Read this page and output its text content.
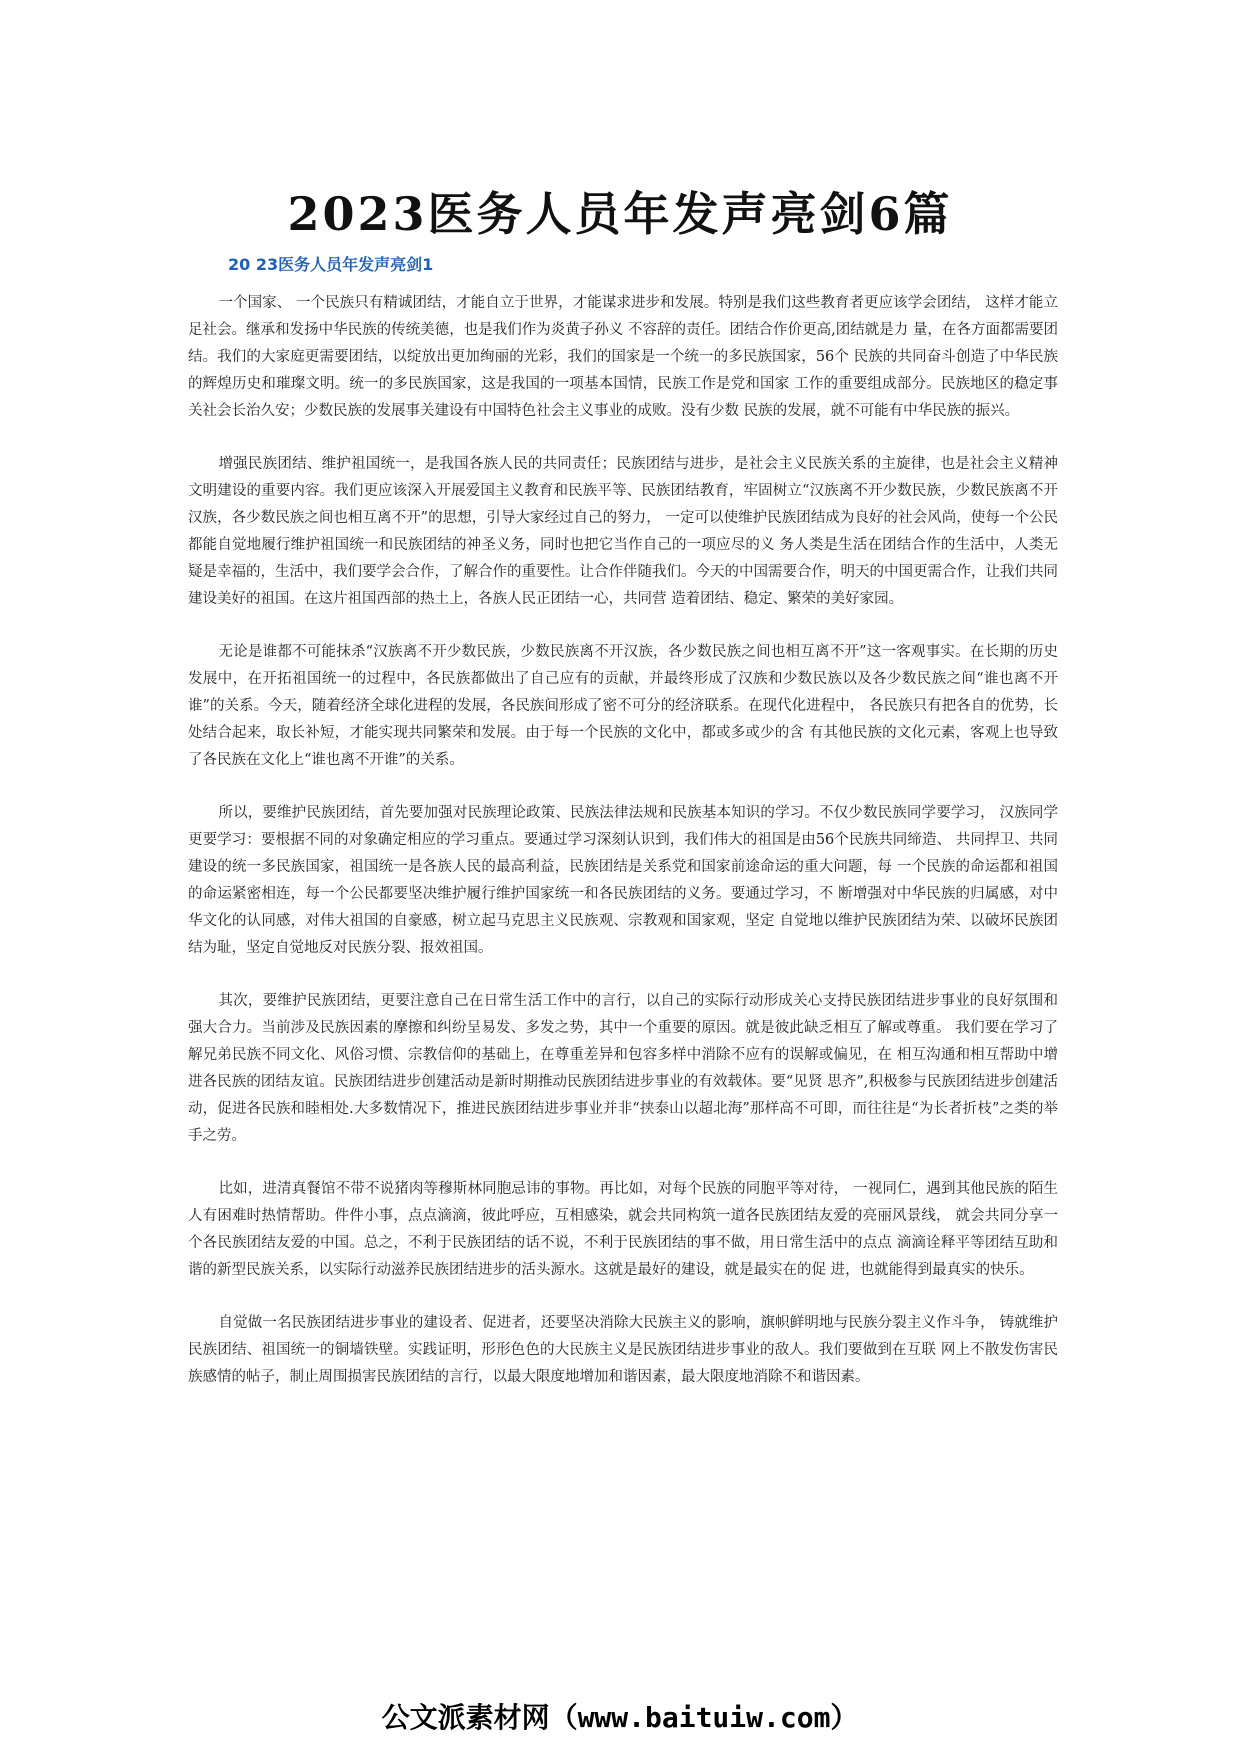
2023医务人员年发声亮剑6篇

20 23医务人员年发声亮剑1

一个国家、 一个民族只有精诚团结，才能自立于世界，才能谋求进步和发展。特别是我们这些教育者更应该学会团结， 这样才能立足社会。继承和发扬中华民族的传统美德，也是我们作为炎黄子孙义 不容辞的责任。团结合作价更高,团结就是力 量，在各方面都需要团结。我们的大家庭更需要团结，以绽放出更加绚丽的光彩，我们的国家是一个统一的多民族国家，56个 民族的共同奋斗创造了中华民族的辉煌历史和璀璨文明。统一的多民族国家，这是我国的一项基本国情，民族工作是党和国家 工作的重要组成部分。民族地区的稳定事关社会长治久安；少数民族的发展事关建设有中国特色社会主义事业的成败。没有少数 民族的发展，就不可能有中华民族的振兴。

增强民族团结、维护祖国统一，是我国各族人民的共同责任；民族团结与进步，是社会主义民族关系的主旋律，也是社会主义精神文明建设的重要内容。我们更应该深入开展爱国主义教育和民族平等、民族团结教育，牢固树立“汉族离不开少数民族，少数民族离不开汉族，各少数民族之间也相互离不开”的思想，引导大家经过自己的努力， 一定可以使维护民族团结成为良好的社会风尚，使每一个公民都能自觉地履行维护祖国统一和民族团结的神圣义务，同时也把它当作自己的一项应尽的义 务人类是生活在团结合作的生活中，人类无疑是幸福的，生活中，我们要学会合作，了解合作的重要性。让合作伴随我们。今天的中国需要合作，明天的中国更需合作，让我们共同建设美好的祖国。在这片祖国西部的热土上，各族人民正团结一心，共同营 造着团结、稳定、繁荣的美好家园。

无论是谁都不可能抹杀“汉族离不开少数民族，少数民族离不开汉族，各少数民族之间也相互离不开”这一客观事实。在长期的历史发展中，在开拓祖国统一的过程中，各民族都做出了自己应有的贡献，并最终形成了汉族和少数民族以及各少数民族之间“谁也离不开谁”的关系。今天，随着经济全球化进程的发展，各民族间形成了密不可分的经济联系。在现代化进程中， 各民族只有把各自的优势，长处结合起来，取长补短，才能实现共同繁荣和发展。由于每一个民族的文化中，都或多或少的含 有其他民族的文化元素，客观上也导致了各民族在文化上“谁也离不开谁”的关系。

所以，要维护民族团结，首先要加强对民族理论政策、民族法律法规和民族基本知识的学习。不仅少数民族同学要学习， 汉族同学更要学习：要根据不同的对象确定相应的学习重点。要通过学习深刻认识到，我们伟大的祖国是由56个民族共同缔造、 共同捍卫、共同建设的统一多民族国家，祖国统一是各族人民的最高利益，民族团结是关系党和国家前途命运的重大问题，每 一个民族的命运都和祖国的命运紧密相连，每一个公民都要坚决维护履行维护国家统一和各民族团结的义务。要通过学习，不 断增强对中华民族的归属感，对中华文化的认同感，对伟大祖国的自豪感，树立起马克思主义民族观、宗教观和国家观，坚定 自觉地以维护民族团结为荣、以破坏民族团结为耻，坚定自觉地反对民族分裂、报效祖国。

其次，要维护民族团结，更要注意自己在日常生活工作中的言行，以自己的实际行动形成关心支持民族团结进步事业的良好氛围和强大合力。当前涉及民族因素的摩擦和纠纷呈易发、多发之势，其中一个重要的原因。就是彼此缺乏相互了解或尊重。 我们要在学习了解兄弟民族不同文化、风俗习惯、宗教信仰的基础上，在尊重差异和包容多样中消除不应有的误解或偏见，在 相互沟通和相互帮助中增进各民族的团结友谊。民族团结进步创建活动是新时期推动民族团结进步事业的有效载体。要“见贤 思齐”,积极参与民族团结进步创建活动，促进各民族和睦相处.大多数情况下，推进民族团结进步事业并非“挟泰山以超北海”那样高不可即，而往往是“为长者折枝”之类的举手之劳。

比如，进清真餐馆不带不说猪肉等穆斯林同胞忌讳的事物。再比如，对每个民族的同胞平等对待， 一视同仁，遇到其他民族的陌生人有困难时热情帮助。件件小事，点点滴滴，彼此呼应，互相感染，就会共同构筑一道各民族团结友爱的亮丽风景线， 就会共同分享一个各民族团结友爱的中国。总之，不利于民族团结的话不说，不利于民族团结的事不做，用日常生活中的点点 滴滴诠释平等团结互助和谐的新型民族关系，以实际行动滋养民族团结进步的活头源水。这就是最好的建设，就是最实在的促 进，也就能得到最真实的快乐。

自觉做一名民族团结进步事业的建设者、促进者，还要坚决消除大民族主义的影响，旗帜鲜明地与民族分裂主义作斗争， 铸就维护民族团结、祖国统一的铜墙铁壁。实践证明，形形色色的大民族主义是民族团结进步事业的敌人。我们要做到在互联 网上不散发伤害民族感情的帖子，制止周围损害民族团结的言行，以最大限度地增加和谐因素，最大限度地消除不和谐因素。

公文派素材网（www.baituiw.com）
